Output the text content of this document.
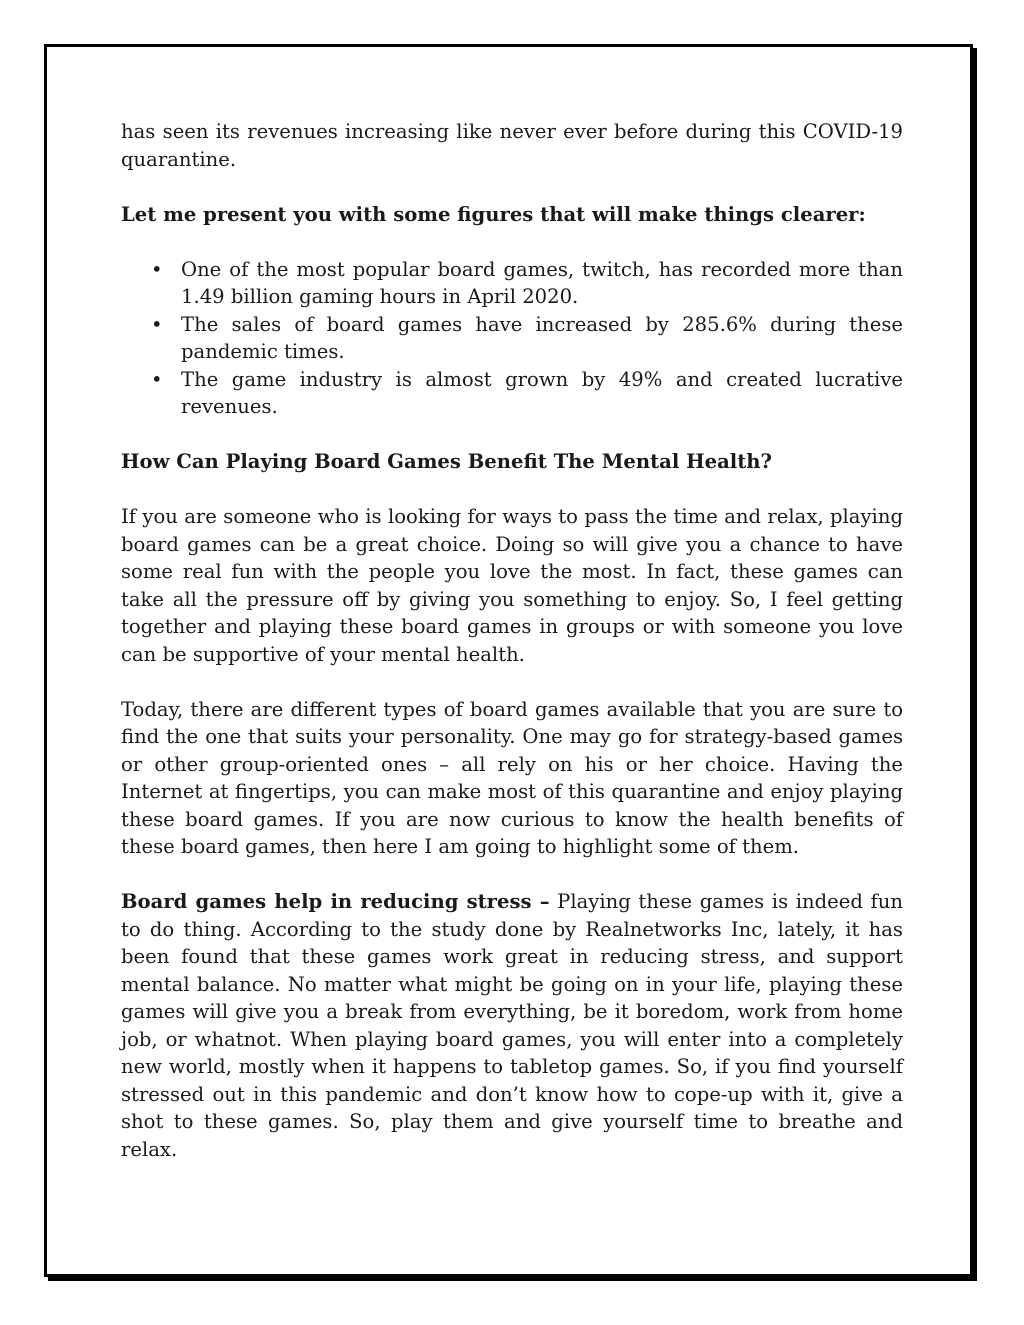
has seen its revenues increasing like never ever before during this COVID-19 quarantine.

Let me present you with some figures that will make things clearer:

• One of the most popular board games, twitch, has recorded more than 1.49 billion gaming hours in April 2020.
• The sales of board games have increased by 285.6% during these pandemic times.
• The game industry is almost grown by 49% and created lucrative revenues.

How Can Playing Board Games Benefit The Mental Health?

If you are someone who is looking for ways to pass the time and relax, playing board games can be a great choice. Doing so will give you a chance to have some real fun with the people you love the most. In fact, these games can take all the pressure off by giving you something to enjoy. So, I feel getting together and playing these board games in groups or with someone you love can be supportive of your mental health.

Today, there are different types of board games available that you are sure to find the one that suits your personality. One may go for strategy-based games or other group-oriented ones – all rely on his or her choice. Having the Internet at fingertips, you can make most of this quarantine and enjoy playing these board games. If you are now curious to know the health benefits of these board games, then here I am going to highlight some of them.

Board games help in reducing stress – Playing these games is indeed fun to do thing. According to the study done by Realnetworks Inc, lately, it has been found that these games work great in reducing stress, and support mental balance. No matter what might be going on in your life, playing these games will give you a break from everything, be it boredom, work from home job, or whatnot. When playing board games, you will enter into a completely new world, mostly when it happens to tabletop games. So, if you find yourself stressed out in this pandemic and don’t know how to cope-up with it, give a shot to these games. So, play them and give yourself time to breathe and relax.
